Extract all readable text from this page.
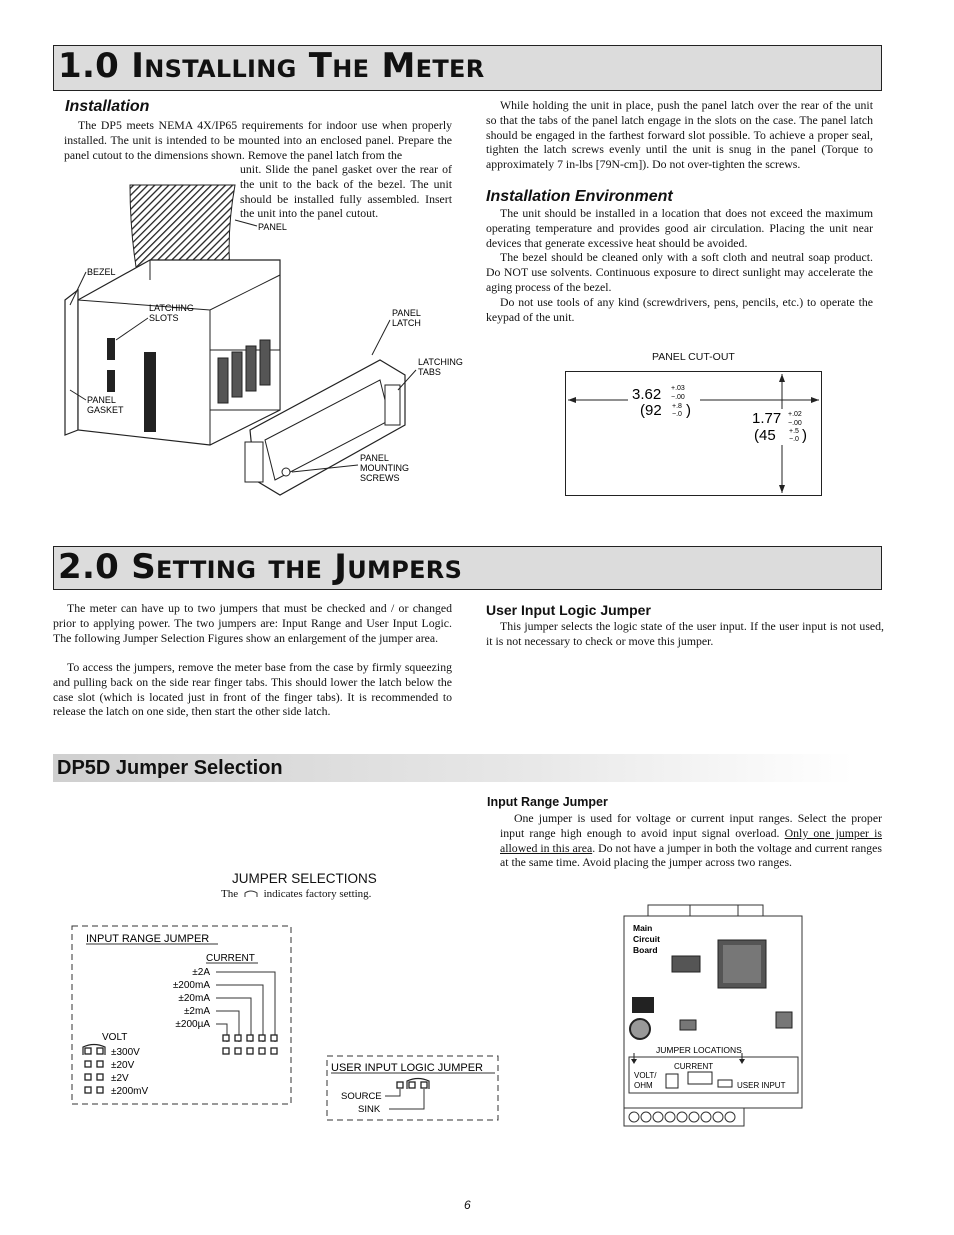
1.0 Installing The Meter
Installation

The DP5 meets NEMA 4X/IP65 requirements for indoor use when properly installed. The unit is intended to be mounted into an enclosed panel. Prepare the panel cutout to the dimensions shown. Remove the panel latch from the

unit. Slide the panel gasket over the rear of the unit to the back of the bezel. The unit should be installed fully assembled. Insert the unit into the panel cutout.

While holding the unit in place, push the panel latch over the rear of the unit so that the tabs of the panel latch engage in the slots on the case. The panel latch should be engaged in the farthest forward slot possible. To achieve a proper seal, tighten the latch screws evenly until the unit is snug in the panel (Torque to approximately 7 in-lbs [79N-cm]). Do not over-tighten the screws.

Installation Environment

The unit should be installed in a location that does not exceed the maximum operating temperature and provides good air circulation. Placing the unit near devices that generate excessive heat should be avoided.

The bezel should be cleaned only with a soft cloth and neutral soap product. Do NOT use solvents. Continuous exposure to direct sunlight may accelerate the aging process of the bezel.

Do not use tools of any kind (screwdrivers, pens, pencils, etc.) to operate the keypad of the unit.

PANEL
BEZEL
LATCHING
SLOTS	PANEL
LATCH
LATCHING
TABS
PANEL
GASKET
PANEL
MOUNTING
SCREWS
PANEL CUT-OUT
3.62 +.03
−.00
(92 +.8
−.0 )	1.77 +.02
−.00
(45 +.5
−.0 )
2.0 Setting the Jumpers

The meter can have up to two jumpers that must be checked and / or changed prior to applying power. The two jumpers are: Input Range and User Input Logic. The following Jumper Selection Figures show an enlargement of the jumper area.

To access the jumpers, remove the meter base from the case by firmly squeezing and pulling back on the side rear finger tabs. This should lower the latch below the case slot (which is located just in front of the finger tabs). It is recommended to release the latch on one side, then start the other side latch.

User Input Logic Jumper

This jumper selects the logic state of the user input. If the user input is not used, it is not necessary to check or move this jumper.

DP5D Jumper Selection
Input Range Jumper

One jumper is used for voltage or current input ranges. Select the proper input range high enough to avoid input signal overload. Only one jumper is allowed in this area. Do not have a jumper in both the voltage and current ranges at the same time. Avoid placing the jumper across two ranges.

JUMPER SELECTIONS
The indicates factory setting.
INPUT RANGE JUMPER
CURRENT
±2A
±200mA
±20mA
±2mA
±200µA
VOLT
±300V
±20V
±2V
±200mV
USER INPUT LOGIC JUMPER
SOURCE
SINK
Main
Circuit
Board
JUMPER LOCATIONS
CURRENT
VOLT/
OHM	USER INPUT
6
